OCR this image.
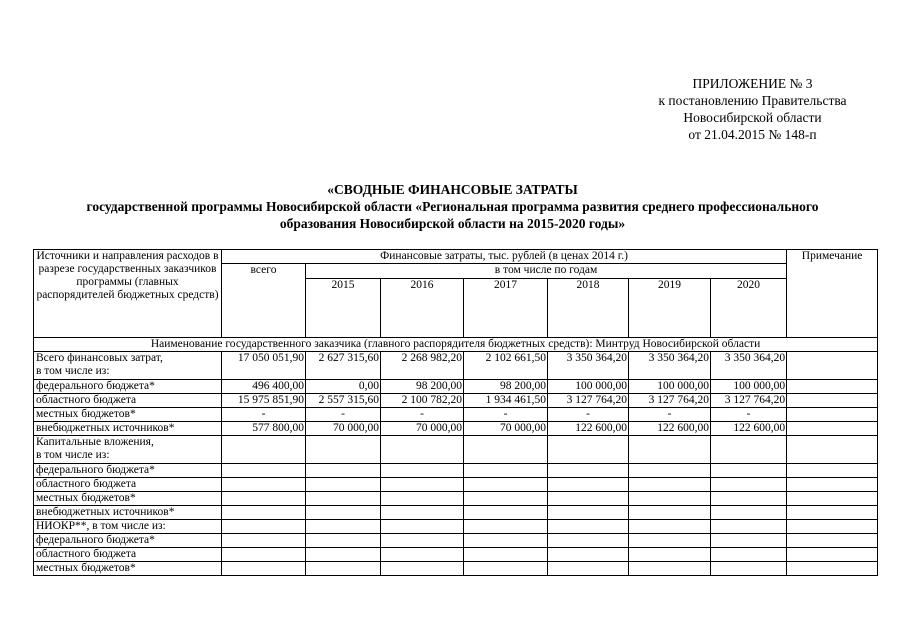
ПРИЛОЖЕНИЕ № 3
к постановлению Правительства
Новосибирской области
от 21.04.2015 № 148-п
«СВОДНЫЕ ФИНАНСОВЫЕ ЗАТРАТЫ
государственной программы Новосибирской области «Региональная программа развития среднего профессионального
образования Новосибирской области на 2015-2020 годы»
Источники и направления расходов в разрезе государственных заказчиков программы (главных распорядителей бюджетных средств)	Финансовые затраты, тыс. рублей (в ценах 2014 г.)							Примечание
	всего	в том числе по годам						
		2015	2016	2017	2018	2019	2020	
Наименование государственного заказчика (главного распорядителя бюджетных средств): Минтруд Новосибирской области								

Всего финансовых затрат,
в том числе из:	17 050 051,90	2 627 315,60	2 268 982,20	2 102 661,50	3 350 364,20	3 350 364,20	3 350 364,20	

федерального бюджета*	496 400,00	0,00	98 200,00	98 200,00	100 000,00	100 000,00	100 000,00	

областного бюджета	15 975 851,90	2 557 315,60	2 100 782,20	1 934 461,50	3 127 764,20	3 127 764,20	3 127 764,20	

местных бюджетов*	-	-	-	-	-	-	-	

внебюджетных источников*	577 800,00	70 000,00	70 000,00	70 000,00	122 600,00	122 600,00	122 600,00	

Капитальные вложения,
в том числе из:								

федерального бюджета*								

областного бюджета								

местных бюджетов*								

внебюджетных источников*								

НИОКР**, в том числе из:								

федерального бюджета*								

областного бюджета								

местных бюджетов*								
